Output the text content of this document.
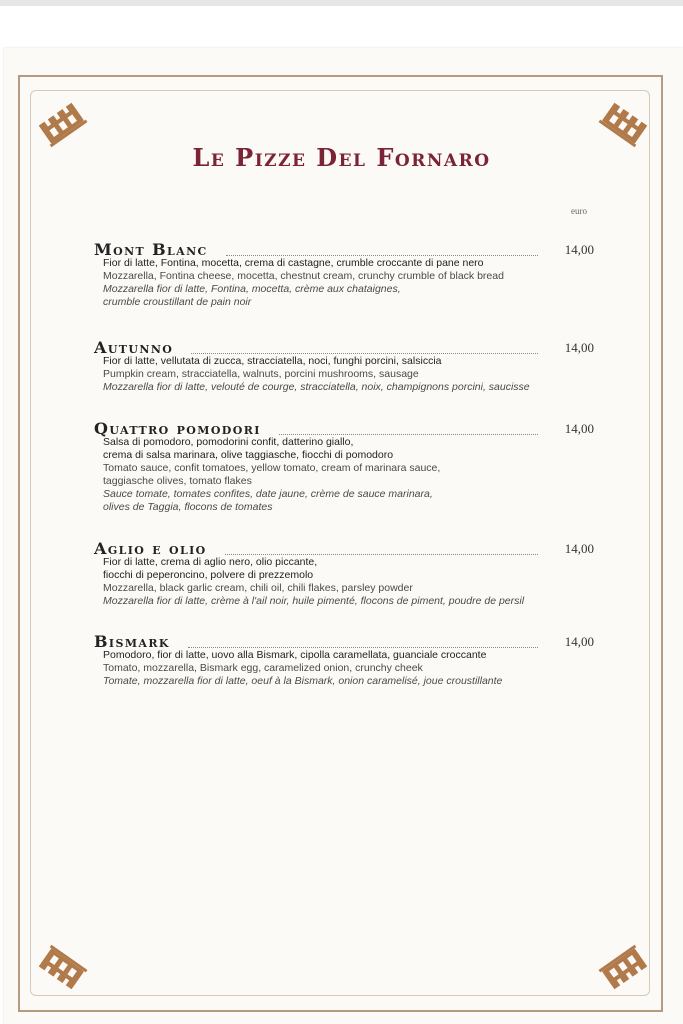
Le Pizze Del Fornaro
euro
Mont Blanc	14,00
Fior di latte, Fontina, mocetta, crema di castagne, crumble croccante di pane nero
Mozzarella, Fontina cheese, mocetta, chestnut cream, crunchy crumble of black bread
Mozzarella fior di latte, Fontina, mocetta, crème aux chataignes,
crumble croustillant de pain noir
Autunno	14,00
Fior di latte, vellutata di zucca, stracciatella, noci, funghi porcini, salsiccia
Pumpkin cream, stracciatella, walnuts, porcini mushrooms, sausage
Mozzarella fior di latte, velouté de courge, stracciatella, noix, champignons porcini, saucisse
Quattro pomodori	14,00
Salsa di pomodoro, pomodorini confit, datterino giallo,
crema di salsa marinara, olive taggiasche, fiocchi di pomodoro
Tomato sauce, confit tomatoes, yellow tomato, cream of marinara sauce,
taggiasche olives, tomato flakes
Sauce tomate, tomates confites, date jaune, crème de sauce marinara,
olives de Taggia, flocons de tomates
Aglio e olio	14,00
Fior di latte, crema di aglio nero, olio piccante,
fiocchi di peperoncino, polvere di prezzemolo
Mozzarella, black garlic cream, chili oil, chili flakes, parsley powder
Mozzarella fior di latte, crème à l'ail noir, huile pimenté, flocons de piment, poudre de persil
Bismark	14,00
Pomodoro, fior di latte, uovo alla Bismark, cipolla caramellata, guanciale croccante
Tomato, mozzarella, Bismark egg, caramelized onion, crunchy cheek
Tomate, mozzarella fior di latte, oeuf à la Bismark, onion caramelisé, joue croustillante
